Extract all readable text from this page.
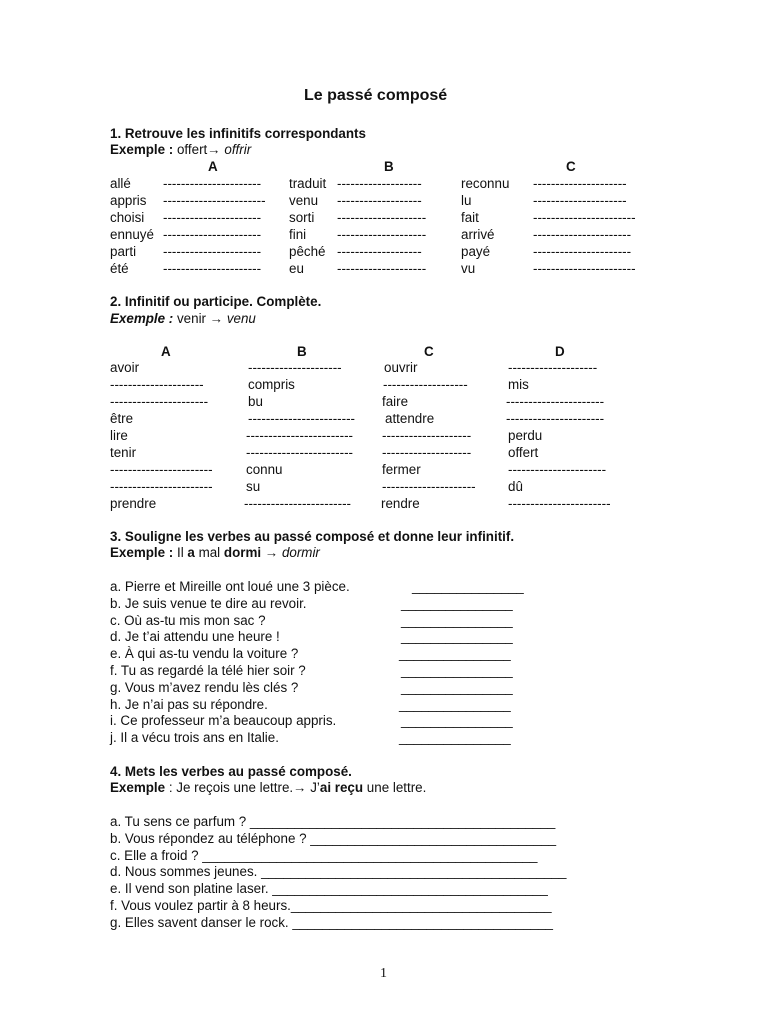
Le passé composé
1. Retrouve les infinitifs correspondants
Exemple : offert→ offrir
A	B	C
allé ---------------------- traduit -------------------	reconnu ---------------------
appris ----------------------- venu -------------------	lu	---------------------
choisi ---------------------- sorti --------------------	fait	-----------------------
ennuyé ---------------------- fini --------------------	arrivé	----------------------
parti ---------------------- pêché -------------------	payé	----------------------
été	---------------------- eu --------------------	vu	-----------------------
2. Infinitif ou participe. Complète.
Exemple : venir → venu
A	B	C	D
avoir	---------------------	ouvrir	--------------------
---------------------	compris	-------------------	mis
----------------------	bu	faire	----------------------
être	------------------------ attendre	----------------------
lire	------------------------ --------------------	perdu
tenir	------------------------ --------------------	offert
----------------------- connu	fermer	----------------------
----------------------- su	--------------------- dû
prendre	------------------------ rendre	-----------------------
3. Souligne les verbes au passé composé et donne leur infinitif.
Exemple : Il a mal dormi → dormir
a. Pierre et Mireille ont loué une 3 pièce.	_______________
b. Je suis venue te dire au revoir.	_______________
c. Où as-tu mis mon sac ?	_______________
d. Je t’ai attendu une heure !	_______________
e. À qui as-tu vendu la voiture ?	_______________
f. Tu as regardé la télé hier soir ?	_______________
g. Vous m’avez rendu lès clés ?	_______________
h. Je n’ai pas su répondre.	_______________
i. Ce professeur m’a beaucoup appris.	_______________
j. Il a vécu trois ans en Italie.	_______________
4. Mets les verbes au passé composé.
Exemple : Je reçois une lettre.→ J’ai reçu une lettre.
a. Tu sens ce parfum ? _________________________________________
b. Vous répondez au téléphone ? _________________________________
c. Elle a froid ? _____________________________________________
d. Nous sommes jeunes. _________________________________________
e. Il vend son platine laser. _____________________________________
f. Vous voulez partir à 8 heurs.___________________________________
g. Elles savent danser le rock. ___________________________________
1
